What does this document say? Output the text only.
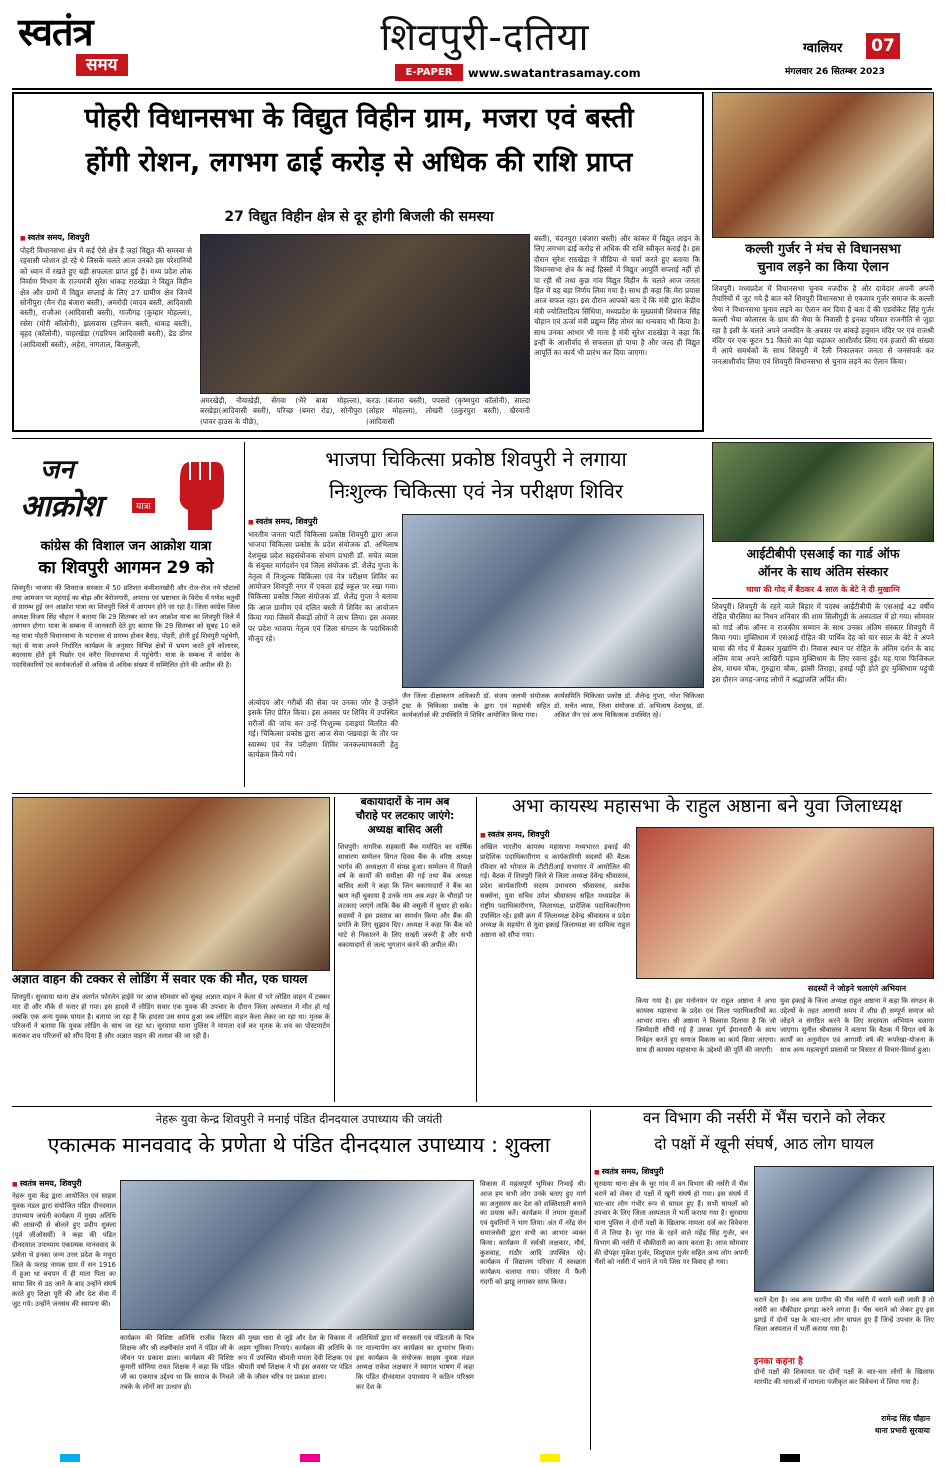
स्वतंत्र
समय
शिवपुरी-दतिया
E-PAPER	www.swatantrasamay.com
ग्वालियर	07
मंगलवार 26 सितम्बर 2023
पोहरी विधानसभा के विद्युत विहीन ग्राम, मजरा एवं बस्ती
होंगी रोशन, लगभग ढाई करोड़ से अधिक की राशि प्राप्त
27 विद्युत विहीन क्षेत्र से दूर होगी बिजली की समस्या
■ स्वतंत्र समय, शिवपुरी
पोहरी विधानसभा क्षेत्र में कई ऐसे क्षेत्र हैं जहां विद्युत की समस्या से रहवासी परेशान हो रहे थे जिसके चलते आज उनको इस परेशानियों को ध्यान में रखते हुए बड़ी सफलता प्राप्त हुई है। मध्य प्रदेश लोक निर्माण विभाग के राज्यमंत्री सुरेश धाकड़ राठखेड़ा ने विद्युत विहीन क्षेत्र और ग्रामों में विद्युत सप्लाई के लिए 27 ग्रामीण क्षेत्र जिनमें सोनीपुरा (मैन रोड बंजारा बस्ती), अमरोदी (यादव बस्ती, आदिवासी बस्ती), राजौआ (आदिवासी बस्ती), गाजीगढ़ (कुम्हार मोहल्ला), रसेरा (मोरी कॉलोनी), झलावास (हरिजन बस्ती, धाकड़ बस्ती), बृहद (कॉलोनी), पाहरखेड़ा (गडरियन आदिवासी बस्ती), ढेड डोंगर (आदिवासी बस्ती), अहेरा, नागताल, बिलकुली,
अमरखेड़ी, नौयाखेड़ी, सेंगवा (भैरे बाबा मोहल्ला), बरखेड़ा(आदिवासी बस्ती), परिच्छ (बमरा रोड), सोनीपुरा (पावर हाउस के पीछे),
करऊ (बंजारा बस्ती), पपसरो (कृष्णपुरा कॉलोनी), साल्दा (लोहार मोहल्ला), लोखरी (ठकुरपुरा बस्ती), खैरवानी (आदिवासी
बस्ती), चंदनपुरा (बंजारा बस्ती) और कांकर में विद्युत लाइन के लिए लगभग ढाई करोड़ से अधिक की राशि स्वीकृत कराई है। इस दौरान सुरेश राठखेड़ा ने मीडिया से चर्चा करते हुए बताया कि विधानसभा क्षेत्र के कई हिस्सों में विद्युत आपूर्ति सप्लाई नहीं हो पा रही थी तथा कुछ गांव विद्युत विहीन के चलते आज जनता हित में यह बड़ा निर्णय लिया गया है। साथ ही कहा कि मेरा प्रयास आज सफल रहा। इस दौरान आपको बता दें कि मंत्री द्वारा केंद्रीय मंत्री ज्योतिरादित्य सिंधिया, मध्यप्रदेश के मुख्यमंत्री शिवराज सिंह चौहान एवं ऊर्जा मंत्री प्रद्युम्न सिंह तोमर का धन्यवाद भी किया है। साथ उनका आभार भी माना है मंत्री सुरेश राठखेड़ा ने कहा कि इन्हीं के आशीर्वाद से सफलता हो पाया है और जल्द ही विद्युत आपूर्ति का कार्य भी प्रारंभ कर दिया जाएगा।
कल्ली गुर्जर ने मंच से विधानसभा
चुनाव लड़ने का किया ऐलान
शिवपुरी। मध्यप्रदेश में विधानसभा चुनाव नजदीक है और दावेदार अपनी अपनी तैयारियों में जुट गये हैं बात करें शिवपुरी विधानसभा से एकमात्र गुर्जर समाज के कल्ली भैया ने विधानसभा चुनाव लड़ने का ऐलान कर दिया है बता दें की एडवोकेट सिंह गुर्जर कल्ली भैया कोलारस के ग्राम की भैया के निवासी है इनका परिवार राजनीति से जुड़ा रहा है इसी के चलते अपने जन्मदिन के अवसर पर बांकड़े हनुमान मंदिर पर एवं राजश्री मंदिर पर एक कूटन 51 किलो का पेड़ा चढ़ाकर आशीर्वाद लिया एवं हजारों की संख्या में आये समर्थकों के साथ शिवपुरी में रैली निकालकर जनता से जनसंपर्क कर जनआशीर्वाद लिया एवं शिवपुरी विधानसभा से चुनाव लड़ने का ऐलान किया।
जन
आक्रोश	यात्रा
कांग्रेस की विशाल जन आक्रोश यात्रा
का शिवपुरी आगमन 29 को
शिवपुरी। भाजपा की शिवराज सरकार में 50 प्रतिशत कमीशनखोरी और रोज-रोज नये घोटालों तथा आमजन पर महंगाई का बोझ और बेरोजगारी, अपराध एवं भ्रष्टाचार के विरोध में गणेश चतुर्थी से प्रारम्भ हुई जन आक्रोश यात्रा का शिवपुरी जिले में आगमन होने जा रहा है। जिला कांग्रेस जिला अध्यक्ष विजय सिंह चौहान ने बताया कि 29 सितम्बर को जन आक्रोश यात्रा का शिवपुरी जिले में आगमन होगा। यात्रा के सम्बन्ध में जानकारी देते हुए बताया कि 29 सितम्बर को सुबह 10 बजे यह यात्रा पोहरी विधानसभा के भटनावर से प्रारम्भ होकर बैराड़, पोहरी, होती हुई शिवपुरी पहुंचेगी, यहां से यात्रा अपने निर्धारित कार्यक्रम के अनुसार विभिन्न क्षेत्रों में भ्रमण करते हुये कोलारस, बदरवास होते हुये पिछोर एवं करैरा विधानसभा में पहुंचेगी। यात्रा के सम्बन्ध में कांग्रेस के पदाधिकारियों एवं कार्यकर्ताओं से अधिक से अधिक संख्या में सम्मिलित होने की अपील की है।
भाजपा चिकित्सा प्रकोष्ठ शिवपुरी ने लगाया
निःशुल्क चिकित्सा एवं नेत्र परीक्षण शिविर
■ स्वतंत्र समय, शिवपुरी
भारतीय जनता पार्टी चिकित्सा प्रकोष्ठ शिवपुरी द्वारा आज भाजपा चिकित्सा प्रकोष्ठ के प्रदेश संयोजक डॉ. अभिलाष देशमुख प्रदेश सहसंयोजक संभाग प्रभारी डॉ. सचेत व्यास के संयुक्त मार्गदर्शन एवं जिला संयोजक डॉ. शैलेंद्र गुप्ता के नेतृत्व में निःशुल्क चिकित्सा एवं नेत्र परीक्षण शिविर का आयोजन शिवपुरी नगर में एकता हाई स्कूल पर रखा गया। चिकित्सा प्रकोष्ठ जिला संयोजक डॉ. शैलेंद्र गुप्ता ने बताया कि आज ग्रामीण एवं दलित बस्ती में शिविर का आयोजन किया गया जिसमें सैकड़ों लोगों ने लाभ लिया। इस अवसर पर प्रदेश भाजपा नेतृत्व एवं जिला संगठन के पदाधिकारी मौजूद रहे।
अंत्योदय और गरीबों की सेवा पर उनका जोर है उन्होंने इसके लिए प्रेरित किया। इस अवसर पर शिविर में उपस्थित मरीजों की जांच कर उन्हें निःशुल्क दवाइयां वितरित की गई। चिकित्सा प्रकोष्ठ द्वारा आज सेवा पखवाड़ा के तौर पर स्वास्थ्य एवं नेत्र परीक्षण शिविर जनकल्याणकारी हेतु कार्यक्रम किये गये।
जैन जिला दीक्षाकरण अधिकारी डॉ. संजय जलभी संयोजक ट्रस्ट के चिकित्सा प्रकोष्ठ के द्वारा एवं महामंत्री सहित कार्यकर्ताओं की उपस्थिति में शिविर आयोजित किया गया।
कार्यसमिति चिकित्सा प्रकोष्ठ डॉ. शैलेन्द्र गुप्ता, नरेश चिकित्सा डॉ. सचेत व्यास, जिला संयोजक डॉ. अभिलाष देशमुख, डॉ. अंकित जैन एवं अन्य चिकित्सक उपस्थित रहे।
आईटीबीपी एसआई का गार्ड ऑफ
ऑनर के साथ अंतिम संस्कार
चाचा की गोद में बैठकर 4 साल के बेटे ने दी मुखाग्नि
शिवपुरी। शिवपुरी के रहने वाले बिहार में पदस्थ आईटीबीपी के एसआई 42 वर्षीय रोहित चौरसिया का निधन शनिवार की शाम सिलीगुड़ी के अस्पताल में हो गया। सोमवार को गार्ड ऑफ ऑनर व राजकीय सम्मान के साथ उनका अंतिम संस्कार शिवपुरी में किया गया। मुक्तिधाम में एसआई रोहित की पार्थिव देह को चार साल के बेटे ने अपने चाचा की गोद में बैठकर मुखाग्नि दी। निवास स्थान पर रोहित के अंतिम दर्शन के बाद अंतिम यात्रा अपने आखिरी पड़ाव मुक्तिधाम के लिए रवाना हुई। यह यात्रा फिजिकल क्षेत्र, माधव चौक, गुरुद्वारा चौक, झांसी तिराहा, हवाई पट्टी होते हुए मुक्तिधाम पहुंची इस दौरान जगह-जगह लोगों ने श्रद्धांजलि अर्पित की।
अज्ञात वाहन की टक्कर से लोडिंग में सवार एक की मौत, एक घायल
शिवपुरी। सुरवाया थाना क्षेत्र अंतर्गत फोरलेन हाईवे पर आज सोमवार को सुबह अज्ञात वाहन ने केला से भरे लोडिंग वाहन में टक्कर मार दी और मौके से फरार हो गया। इस हादसे में लोडिंग सवार एक युवक की उपचार के दौरान जिला अस्पताल में मौत हो गई जबकि एक अन्य युवक घायल है। बताया जा रहा है कि हादसा उस समय हुआ जब लोडिंग वाहन केला लेकर जा रहा था। मृतक के परिजनों ने बताया कि युवक लोडिंग के साथ जा रहा था। सुरवाया थाना पुलिस ने मामला दर्ज कर मृतक के शव का पोस्टमार्टम कराकर शव परिजनों को सौंप दिया है और अज्ञात वाहन की तलाश की जा रही है।
बकायादारों के नाम अब
चौराहे पर लटकाए जाएंगे:
अध्यक्ष बासिद अली
शिवपुरी। नागरिक सहकारी बैंक मर्यादित का वार्षिक साधारण सम्मेलन विगत दिवस बैंक के वरिष्ठ अध्यक्ष भार्गव की अध्यक्षता में संपन्न हुआ। सम्मेलन में पिछले वर्ष के कार्यों की समीक्षा की गई तथा बैंक अध्यक्ष बासिद अली ने कहा कि जिन बकायादारों ने बैंक का ऋण नहीं चुकाया है उनके नाम अब शहर के चौराहों पर लटकाए जाएंगे ताकि बैंक की वसूली में सुधार हो सके। सदस्यों ने इस प्रस्ताव का समर्थन किया और बैंक की प्रगति के लिए सुझाव दिए। अध्यक्ष ने कहा कि बैंक को घाटे से निकालने के लिए सख्ती जरूरी है और सभी बकायादारों से जल्द भुगतान करने की अपील की।
अभा कायस्थ महासभा के राहुल अष्ठाना बने युवा जिलाध्यक्ष
■ स्वतंत्र समय, शिवपुरी
अखिल भारतीय कायस्थ महासभा मध्यभारत इकाई की प्रादेशिक पदाधिकारीगण व कार्यकारिणी सदस्यों की बैठक रविवार को भोपाल के टीटीटीआई सभागार में आयोजित की गई। बैठक में शिवपुरी जिले से जिला अध्यक्ष देवेन्द्र श्रीवास्तव, प्रदेश कार्यकारिणी सदस्य उमाचरण श्रीवास्तव, अशोक सक्सेना, युवा सचिव उमेश श्रीवास्तव सहित मध्यप्रदेश के राष्ट्रीय पदाधिकारीगण, जिलाध्यक्ष, प्रादेशिक पदाधिकारीगण उपस्थित रहे। इसी क्रम में जिलाध्यक्ष देवेन्द्र श्रीवास्तव व प्रदेश अध्यक्ष के सहयोग से युवा इकाई जिलाध्यक्ष का दायित्व राहुल अष्ठाना को सौंपा गया।
किया गया है। इस मनोनयन पर राहुल अष्ठाना ने अभा कायस्थ महासभा के प्रदेश एवं जिला पदाधिकारियों का आभार माना। श्री अष्ठाना ने विश्वास दिलाया है कि जो जिम्मेदारी सौंपी गई है उसका पूर्ण ईमानदारी के साथ निर्वहन करते हुए समाज विकास का कार्य किया जाएगा। साथ ही कायस्थ महासभा के उद्देश्यों की पूर्ति की जाएगी।
सदस्यों ने जोड़ने चलाएंगे अभियान
युवा इकाई के जिला अध्यक्ष राहुल अष्ठाना ने कहा कि संगठन के उद्देश्यों के तहत आगामी समय में शीघ्र ही सम्पूर्ण समाज को जोड़ने व संगठित करने के लिए सदस्यता अभियान चलाया जाएगा। सुनील श्रीवास्तव ने बताया कि बैठक में विगत वर्ष के कार्यों का अनुमोदन एवं आगामी वर्ष की रूपरेखा-योजना के साथ अन्य महत्वपूर्ण प्रस्तावों पर विस्तार से विचार-विमर्श हुआ।
नेहरू युवा केन्द्र शिवपुरी ने मनाई पंडित दीनदयाल उपाध्याय की जयंती
एकात्मक मानववाद के प्रणेता थे पंडित दीनदयाल उपाध्याय : शुक्ला
■ स्वतंत्र समय, शिवपुरी
नेहरू युवा केंद्र द्वारा आयोजित एवं साहस युवक मंडल द्वारा संयोजित पंडित दीनदयाल उपाध्याय जयंती कार्यक्रम में मुख्य अतिथि की आसन्दी से बोलते हुए प्रदीप शुक्ला (पूर्व जीओसर्वी) ने कहा की पंडित दीनदयाल उपाध्याय एकात्मक मानववाद के प्रणेता थे इनका जन्म उत्तर प्रदेश के मथुरा जिले के फराह नामक ग्राम में सन 1916 में हुआ था बचपन में ही माता पिता का साया सिर से उठ जाने के बाद उन्होंने संघर्ष करते हुए शिक्षा पूरी की और देश सेवा में जुट गये। उन्होंने जनसंघ की स्थापना की।
कार्यक्रम की विशिष्ट अतिथि राजीव किरार शिक्षक और श्री लक्ष्मीकांत शर्मा ने पंडित जी के जीवन पर प्रकाश डाला। कार्यक्रम की विशिष्ट कुमारी सोनिया रावत शिक्षक ने कहा कि पंडित जी का एकमात्र उद्देश्य था कि समाज के निचले तबके के लोगों का उत्थान हो।
की मुख्य धारा से जुड़े और देश के विकास में अहम भूमिका निभाएं। कार्यक्रम की अतिथि के रूप में उपस्थित श्रीमती ममता देवी शिक्षक एवं श्रीमती वर्षा शिक्षक ने भी इस अवसर पर पंडित जी के जीवन चरित्र पर प्रकाश डाला।
अतिथियों द्वारा माँ सरस्वती एवं पंडितजी के चित्र पर माल्यार्पण कर कार्यक्रम का शुभारंभ किया। इस कार्यक्रम के संयोजक साहस युवक मंडल अध्यक्ष राकेश लक्षकार ने स्वागत भाषण में कहा कि पंडित दीनदयाल उपाध्याय ने कठिन परिश्रम कर देश के
विकास में महत्वपूर्ण भूमिका निभाई थी। आज हम सभी लोग उनके बताए हुए मार्ग का अनुसरण कर देश को शक्तिशाली बनाने का प्रयास करें। कार्यक्रम में तमाम युवाओं एवं युवतियों ने भाग लिया। अंत में नरेंद्र सेन समाजसेवी द्वारा सभी का आभार व्यक्त किया। कार्यक्रम में सर्वश्री लक्षकार, मौर्य, कुशवाह, राठौर आदि उपस्थित रहे। कार्यक्रम में विद्यालय परिवार में स्वच्छता कार्यक्रम चलाया गया। परिसर में फैली गंदगी को झाडू लगाकर साफ किया।
वन विभाग की नर्सरी में भैंस चराने को लेकर
दो पक्षों में खूनी संघर्ष, आठ लोग घायल
■ स्वतंत्र समय, शिवपुरी
सुरवाया थाना क्षेत्र के चुर गांव में वन विभाग की नर्सरी में भैंस चराने को लेकर दो पक्षों में खूनी संघर्ष हो गया। इस संघर्ष में चार-चार लोग गंभीर रूप से घायल हुए हैं। सभी घायलों को उपचार के लिए जिला अस्पताल में भर्ती कराया गया है। सुरवाया थाना पुलिस ने दोनों पक्षों के खिलाफ मामला दर्ज कर विवेचना में ले लिया है। चुर गांव के रहने वाले महेंद्र सिंह गुर्जर, बन विभाग की नर्सरी में चौकीदारी का काम करता है। आज सोमवार की दोपहर मुकेश गुर्जर, शिशुपाल गुर्जर सहित अन्य लोग अपनी भैंसों को नर्सरी में चराने ले गये जिस पर विवाद हो गया।
चराने देता है। जब अन्य ग्रामीण की भैंस नर्सरी में चराने चली जाती है तो नर्सरी का चौकीदार झगड़ा करने लगता है। भैंस चराने को लेकर हुए इस झगड़े में दोनों पक्ष के चार-चार लोग घायल हुए हैं जिन्हें उपचार के लिए जिला अस्पताल में भर्ती कराया गया है।
इनका कहना है
दोनों पक्षों की शिकायत पर दोनों पक्षों के चार-चार लोगों के खिलाफ मारपीट की धाराओं में मामला पंजीकृत कर विवेचना में लिया गया है।
रामेन्द्र सिंह चौहान
थाना प्रभारी सुरवाया
